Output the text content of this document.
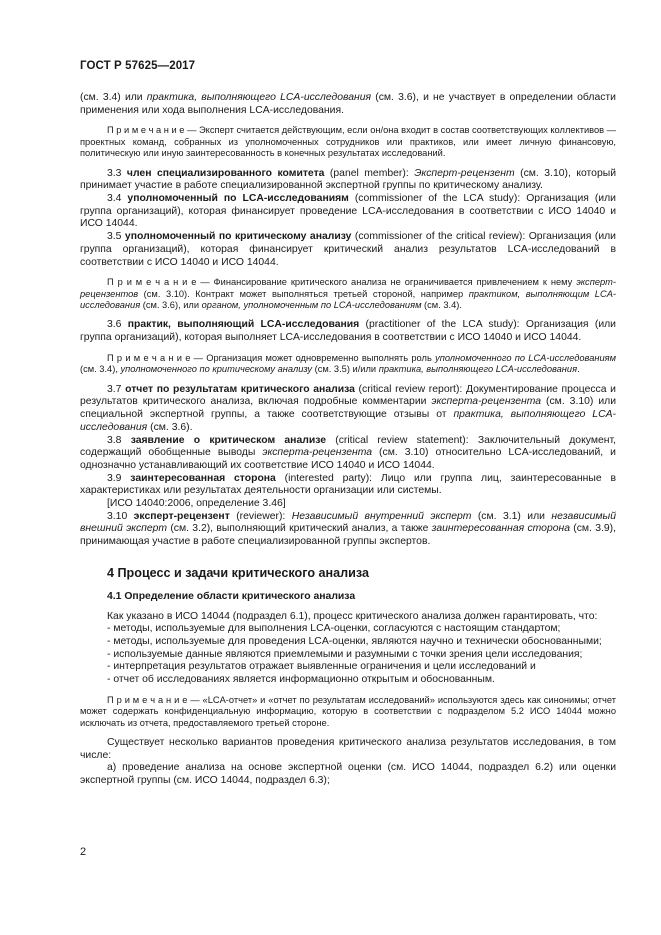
ГОСТ Р 57625—2017

(см. 3.4) или практика, выполняющего LCA-исследования (см. 3.6), и не участвует в определении области применения или хода выполнения LCA-исследования.

П р и м е ч а н и е — Эксперт считается действующим, если он/она входит в состав соответствующих коллективов — проектных команд, собранных из уполномоченных сотрудников или практиков, или имеет личную финансовую, политическую или иную заинтересованность в конечных результатах исследований.

3.3 член специализированного комитета (panel member): Эксперт-рецензент (см. 3.10), который принимает участие в работе специализированной экспертной группы по критическому анализу.

3.4 уполномоченный по LCA-исследованиям (commissioner of the LCA study): Организация (или группа организаций), которая финансирует проведение LCA-исследования в соответствии с ИСО 14040 и ИСО 14044.

3.5 уполномоченный по критическому анализу (commissioner of the critical review): Организация (или группа организаций), которая финансирует критический анализ результатов LCA-исследований в соответствии с ИСО 14040 и ИСО 14044.

П р и м е ч а н и е — Финансирование критического анализа не ограничивается привлечением к нему эксперт-рецензентов (см. 3.10). Контракт может выполняться третьей стороной, например практиком, выполняющим LCA-исследования (см. 3.6), или органом, уполномоченным по LCA-исследованиям (см. 3.4).

3.6 практик, выполняющий LCA-исследования (practitioner of the LCA study): Организация (или группа организаций), которая выполняет LCA-исследования в соответствии с ИСО 14040 и ИСО 14044.

П р и м е ч а н и е — Организация может одновременно выполнять роль уполномоченного по LCA-исследованиям (см. 3.4), уполномоченного по критическому анализу (см. 3.5) и/или практика, выполняющего LCA-исследования.

3.7 отчет по результатам критического анализа (critical review report): Документирование процесса и результатов критического анализа, включая подробные комментарии эксперта-рецензента (см. 3.10) или специальной экспертной группы, а также соответствующие отзывы от практика, выполняющего LCA-исследования (см. 3.6).

3.8 заявление о критическом анализе (critical review statement): Заключительный документ, содержащий обобщенные выводы эксперта-рецензента (см. 3.10) относительно LCA-исследований, и однозначно устанавливающий их соответствие ИСО 14040 и ИСО 14044.

3.9 заинтересованная сторона (interested party): Лицо или группа лиц, заинтересованные в характеристиках или результатах деятельности организации или системы.

[ИСО 14040:2006, определение 3.46]

3.10 эксперт-рецензент (reviewer): Независимый внутренний эксперт (см. 3.1) или независимый внешний эксперт (см. 3.2), выполняющий критический анализ, а также заинтересованная сторона (см. 3.9), принимающая участие в работе специализированной группы экспертов.

4 Процесс и задачи критического анализа
4.1 Определение области критического анализа

Как указано в ИСО 14044 (подраздел 6.1), процесс критического анализа должен гарантировать, что:

- методы, используемые для выполнения LCA-оценки, согласуются с настоящим стандартом;

- методы, используемые для проведения LCA-оценки, являются научно и технически обоснованными;

- используемые данные являются приемлемыми и разумными с точки зрения цели исследования;

- интерпретация результатов отражает выявленные ограничения и цели исследований и

- отчет об исследованиях является информационно открытым и обоснованным.

П р и м е ч а н и е — «LCA-отчет» и «отчет по результатам исследований» используются здесь как синонимы; отчет может содержать конфиденциальную информацию, которую в соответствии с подразделом 5.2 ИСО 14044 можно исключать из отчета, предоставляемого третьей стороне.

Существует несколько вариантов проведения критического анализа результатов исследования, в том числе:

а) проведение анализа на основе экспертной оценки (см. ИСО 14044, подраздел 6.2) или оценки экспертной группы (см. ИСО 14044, подраздел 6.3);

2
